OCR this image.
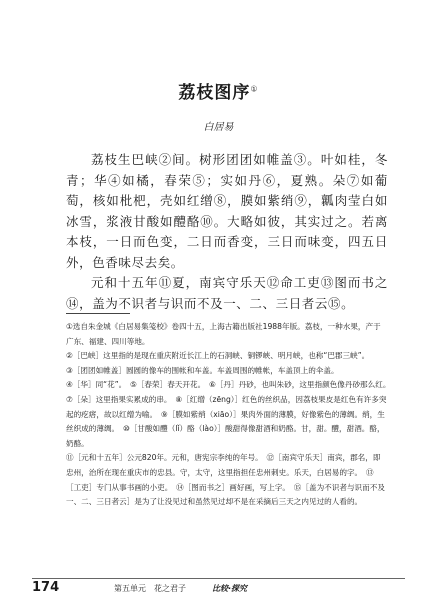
荔枝图序①
白居易

荔枝生巴峡②间。树形团团如帷盖③。叶如桂，冬青；华④如橘，春荣⑤；实如丹⑥，夏熟。朵⑦如葡萄，核如枇杷，壳如红缯⑧，膜如紫绡⑨，瓤肉莹白如冰雪，浆液甘酸如醴酪⑩。大略如彼，其实过之。若离本枝，一日而色变，二日而香变，三日而味变，四五日外，色香味尽去矣。

元和十五年⑪夏，南宾守乐天⑫命工吏⑬图而书之⑭，盖为不识者与识而不及一、二、三日者云⑮。

①选自朱金城《白居易集笺校》卷四十五，上海古籍出版社1988年版。荔枝，一种水果，产于广东、福建、四川等地。
②［巴峡］这里指的是现在重庆附近长江上的石洞峡、铜锣峡、明月峡，也称“巴郡三峡”。
③［团团如帷盖］圆圆的像车的围帐和车盖。车盖周围的帷帐，车盖顶上的伞盖。
④［华］同“花”。　⑤［春荣］春天开花。　⑥［丹］丹砂，也叫朱砂，这里指颜色像丹砂那么红。　⑦［朵］这里指果实累成的串。　⑧［红缯（zēng）］红色的丝织品，因荔枝果皮是红色有许多突起的疙瘩，故以红缯为喻。　⑨［膜如紫绡（xiāo）］果肉外面的薄膜，好像紫色的薄绸。绡，生丝织成的薄绸。　⑩［甘酸如醴（lǐ）酪（lào）］酸甜得像甜酒和奶酪。甘，甜。醴，甜酒。酪，奶酪。
⑪［元和十五年］公元820年。元和，唐宪宗李纯的年号。　⑫［南宾守乐天］南宾，郡名，即忠州，治所在现在重庆市的忠县。守，太守，这里指担任忠州刺史。乐天，白居易的字。　⑬［工吏］专门从事书画的小吏。　⑭［图而书之］画好画，写上字。　⑮［盖为不识者与识而不及一、二、三日者云］是为了让没见过和虽然见过却不是在采摘后三天之内见过的人看的。
174	第五单元　花之君子	比较·探究
